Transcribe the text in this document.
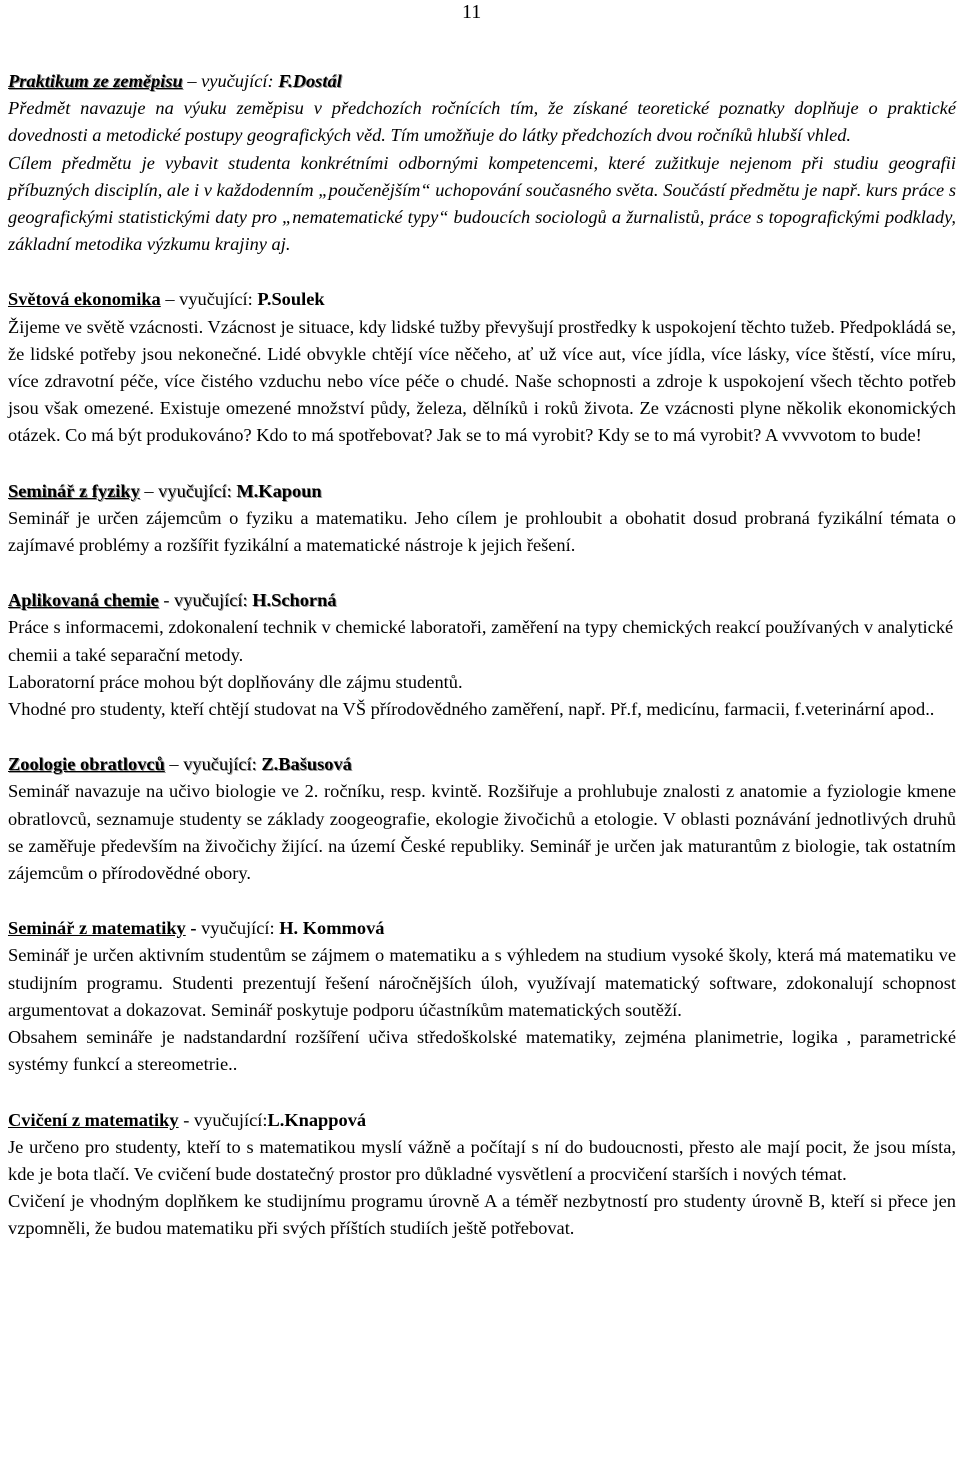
11
Praktikum ze zeměpisu – vyučující: F.Dostál
Předmět navazuje na výuku zeměpisu v předchozích ročnících tím, že získané teoretické poznatky doplňuje o praktické dovednosti a metodické postupy geografických věd. Tím umožňuje do látky předchozích dvou ročníků hlubší vhled.
Cílem předmětu je vybavit studenta konkrétními odbornými kompetencemi, které zužitkuje nejenom při studiu geografii příbuzných disciplín, ale i v každodenním „poučenějším“ uchopování současného světa. Součástí předmětu je např. kurs práce s geografickými statistickými daty pro „nematematické typy“ budoucích sociologů a žurnalistů, práce s topografickými podklady, základní metodika výzkumu krajiny aj.
Světová ekonomika – vyučující: P.Soulek
Žijeme ve světě vzácnosti. Vzácnost je situace, kdy lidské tužby převyšují prostředky k uspokojení těchto tužeb. Předpokládá se, že lidské potřeby jsou nekonečné. Lidé obvykle chtějí více něčeho, ať už více aut, více jídla, více lásky, více štěstí, více míru, více zdravotní péče, více čistého vzduchu nebo více péče o chudé. Naše schopnosti a zdroje k uspokojení všech těchto potřeb jsou však omezené. Existuje omezené množství půdy, železa, dělníků i roků života. Ze vzácnosti plyne několik ekonomických otázek. Co má být produkováno? Kdo to má spotřebovat? Jak se to má vyrobit? Kdy se to má vyrobit? A vvvvotom to bude!
Seminář z fyziky – vyučující: M.Kapoun
Seminář je určen zájemcům o fyziku a matematiku. Jeho cílem je prohloubit a obohatit dosud probraná fyzikální témata o zajímavé problémy a rozšířit fyzikální a matematické nástroje k jejich řešení.
Aplikovaná chemie - vyučující: H.Schorná
Práce s informacemi, zdokonalení technik v chemické laboratoři, zaměření na typy chemických reakcí používaných v analytické chemii a také separační metody.
Laboratorní práce mohou být doplňovány dle zájmu studentů.
Vhodné pro studenty, kteří chtějí studovat na VŠ přírodovědného zaměření, např. Př.f, medicínu, farmacii, f.veterinární apod..
Zoologie obratlovců – vyučující: Z.Bašusová
Seminář navazuje na učivo biologie ve 2. ročníku, resp. kvintě. Rozšiřuje a prohlubuje znalosti z anatomie a fyziologie kmene obratlovců, seznamuje studenty se základy zoogeografie, ekologie živočichů a etologie. V oblasti poznávání jednotlivých druhů se zaměřuje především na živočichy žijící. na území České republiky. Seminář je určen jak maturantům z biologie, tak ostatním zájemcům o přírodovědné obory.
Seminář z matematiky - vyučující: H. Kommová
Seminář je určen aktivním studentům se zájmem o matematiku a s výhledem na studium vysoké školy, která má matematiku ve studijním programu. Studenti prezentují řešení náročnějších úloh, využívají matematický software, zdokonalují schopnost argumentovat a dokazovat. Seminář poskytuje podporu účastníkům matematických soutěží.
Obsahem semináře je nadstandardní rozšíření učiva středoškolské matematiky, zejména planimetrie, logika , parametrické systémy funkcí a stereometrie..
Cvičení z matematiky - vyučující:L.Knappová
Je určeno pro studenty, kteří to s matematikou myslí vážně a počítají s ní do budoucnosti, přesto ale mají pocit, že jsou místa, kde je bota tlačí. Ve cvičení bude dostatečný prostor pro důkladné vysvětlení a procvičení starších i nových témat.
Cvičení je vhodným doplňkem ke studijnímu programu úrovně A a téměř nezbytností pro studenty úrovně B, kteří si přece jen vzpomněli, že budou matematiku při svých příštích studiích ještě potřebovat.
